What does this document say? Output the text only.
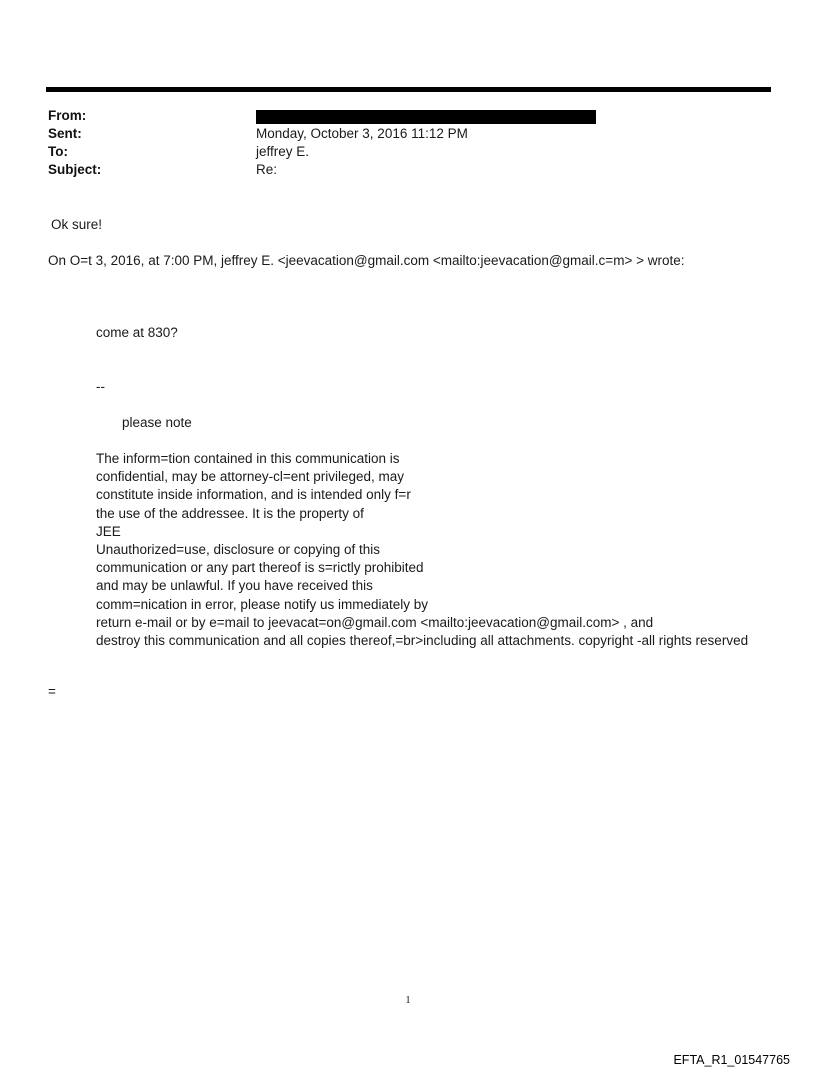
From:
Sent:	Monday, October 3, 2016 11:12 PM
To:	jeffrey E.
Subject:	Re:
Ok sure!
On O=t 3, 2016, at 7:00 PM, jeffrey E. <jeevacation@gmail.com <mailto:jeevacation@gmail.c=m> > wrote:
come at 830?
--
please note
The inform=tion contained in this communication is
confidential, may be attorney-cl=ent privileged, may
constitute inside information, and is intended only f=r
the use of the addressee. It is the property of
JEE
Unauthorized=use, disclosure or copying of this
communication or any part thereof is s=rictly prohibited
and may be unlawful. If you have received this
comm=nication in error, please notify us immediately by
return e-mail or by e=mail to jeevacat=on@gmail.com <mailto:jeevacation@gmail.com> , and
destroy this communication and all copies thereof,=br>including all attachments. copyright -all rights reserved
=
1
EFTA_R1_01547765
